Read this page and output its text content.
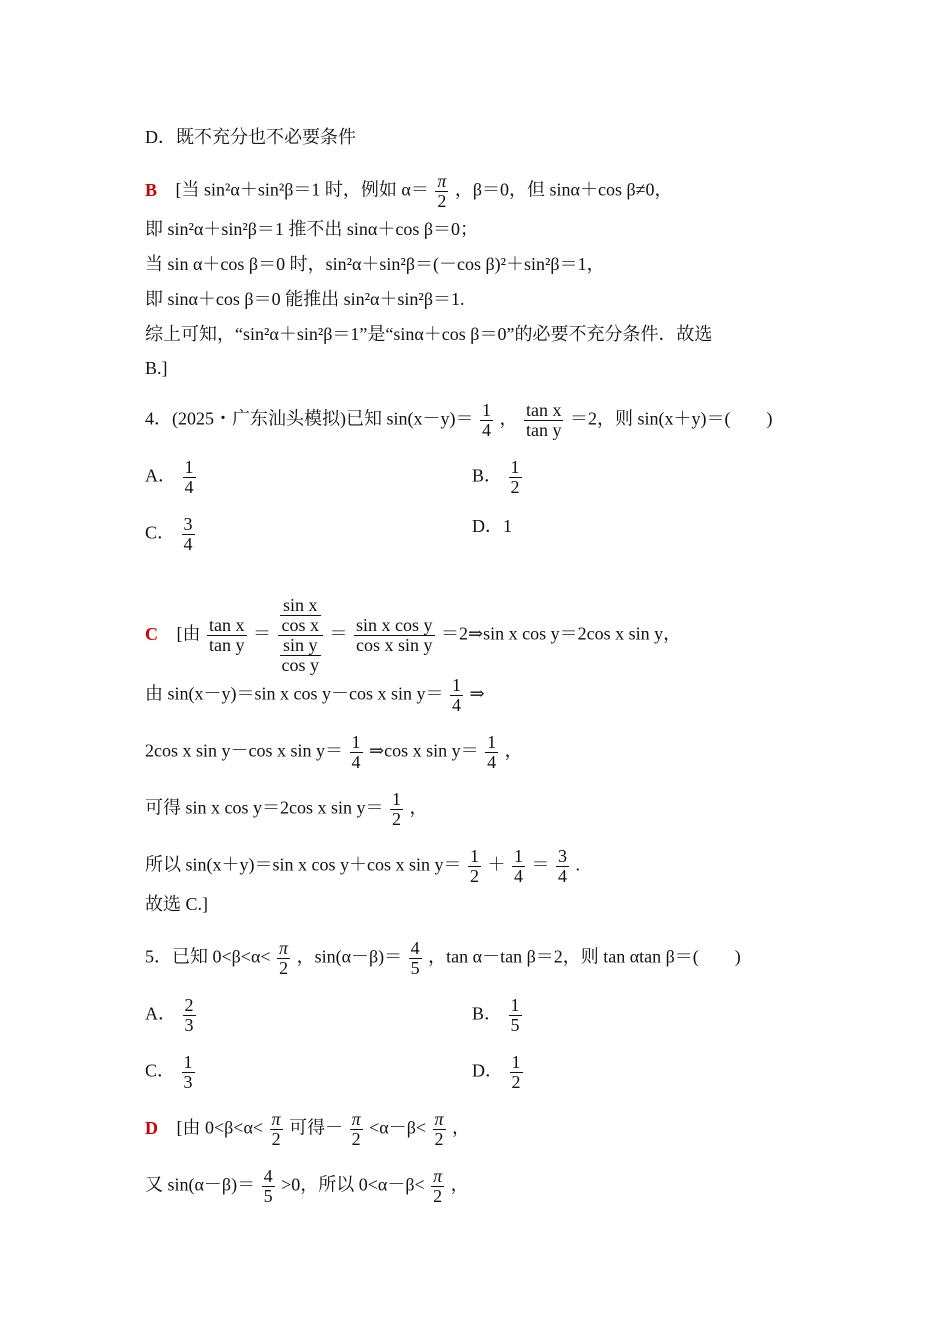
D．既不充分也不必要条件
B [当 sin²α＋sin²β＝1 时，例如 $\alpha= \frac{\pi}{2}$ ，β＝0，但 sinα＋cos β≠0，
即 sin²α＋sin²β＝1 推不出 sinα＋cos β＝0；
当 sin α＋cos β＝0 时，sin²α＋sin²β＝(－cos β)²＋sin²β＝1，
即 sinα＋cos β＝0 能推出 sin²α＋sin²β＝1.
综上可知，“sin²α＋sin²β＝1”是“sinα＋cos β＝0”的必要不充分条件．故选
B.]
4．(2025・广东汕头模拟)已知 $\sin(x-y)= \frac{1}{4}$ ， $\frac{\text{tan x}}{\text{tan y}} =2$，则 sin(x＋y)＝(　　)
A． $\frac{1}{4}$	B． $\frac{1}{2}$
C． $\frac{3}{4}$	D．1
C [由 $\frac{\text{tan x}}{\text{tan y}} = \frac{\frac{\text{sin x}}{\text{cos x}}}{\frac{\text{sin y}}{\text{cos y}}} = \frac{\text{sin x cos y}}{\text{cos x sin y}}$ ＝2⇒sin x cos y＝2cos x sin y，
由 sin(x－y)＝sin x cos y－cos x $\sin y= \frac{1}{4}$ ⇒
2cos x sin y－cos x $\sin y= \frac{1}{4}$ ⇒cos x $\sin y= \frac{1}{4}$ ，
可得 sin x cos y＝2cos x $\sin y= \frac{1}{2}$ ，
所以 sin(x＋y)＝sin x cos y＋cos x $\sin y= \frac{1}{2} + \frac{1}{4} = \frac{3}{4}$ .
故选 C.]
5．已知 $0<\beta<\alpha< \frac{\pi}{2}$ ，$\sin(\alpha-\beta)= \frac{4}{5}$ ，tan α－tan β＝2，则 tan αtan β＝(　　)
A． $\frac{2}{3}$	B． $\frac{1}{5}$
C． $\frac{1}{3}$	D． $\frac{1}{2}$
D [由 $0<\beta<\alpha< \frac{\pi}{2}$ 可得－ $\frac{\pi}{2} <\alpha-\beta< \frac{\pi}{2}$ ，
又 $\sin(\alpha-\beta)= \frac{4}{5} >0$，所以 $0<\alpha-\beta< \frac{\pi}{2}$ ，
